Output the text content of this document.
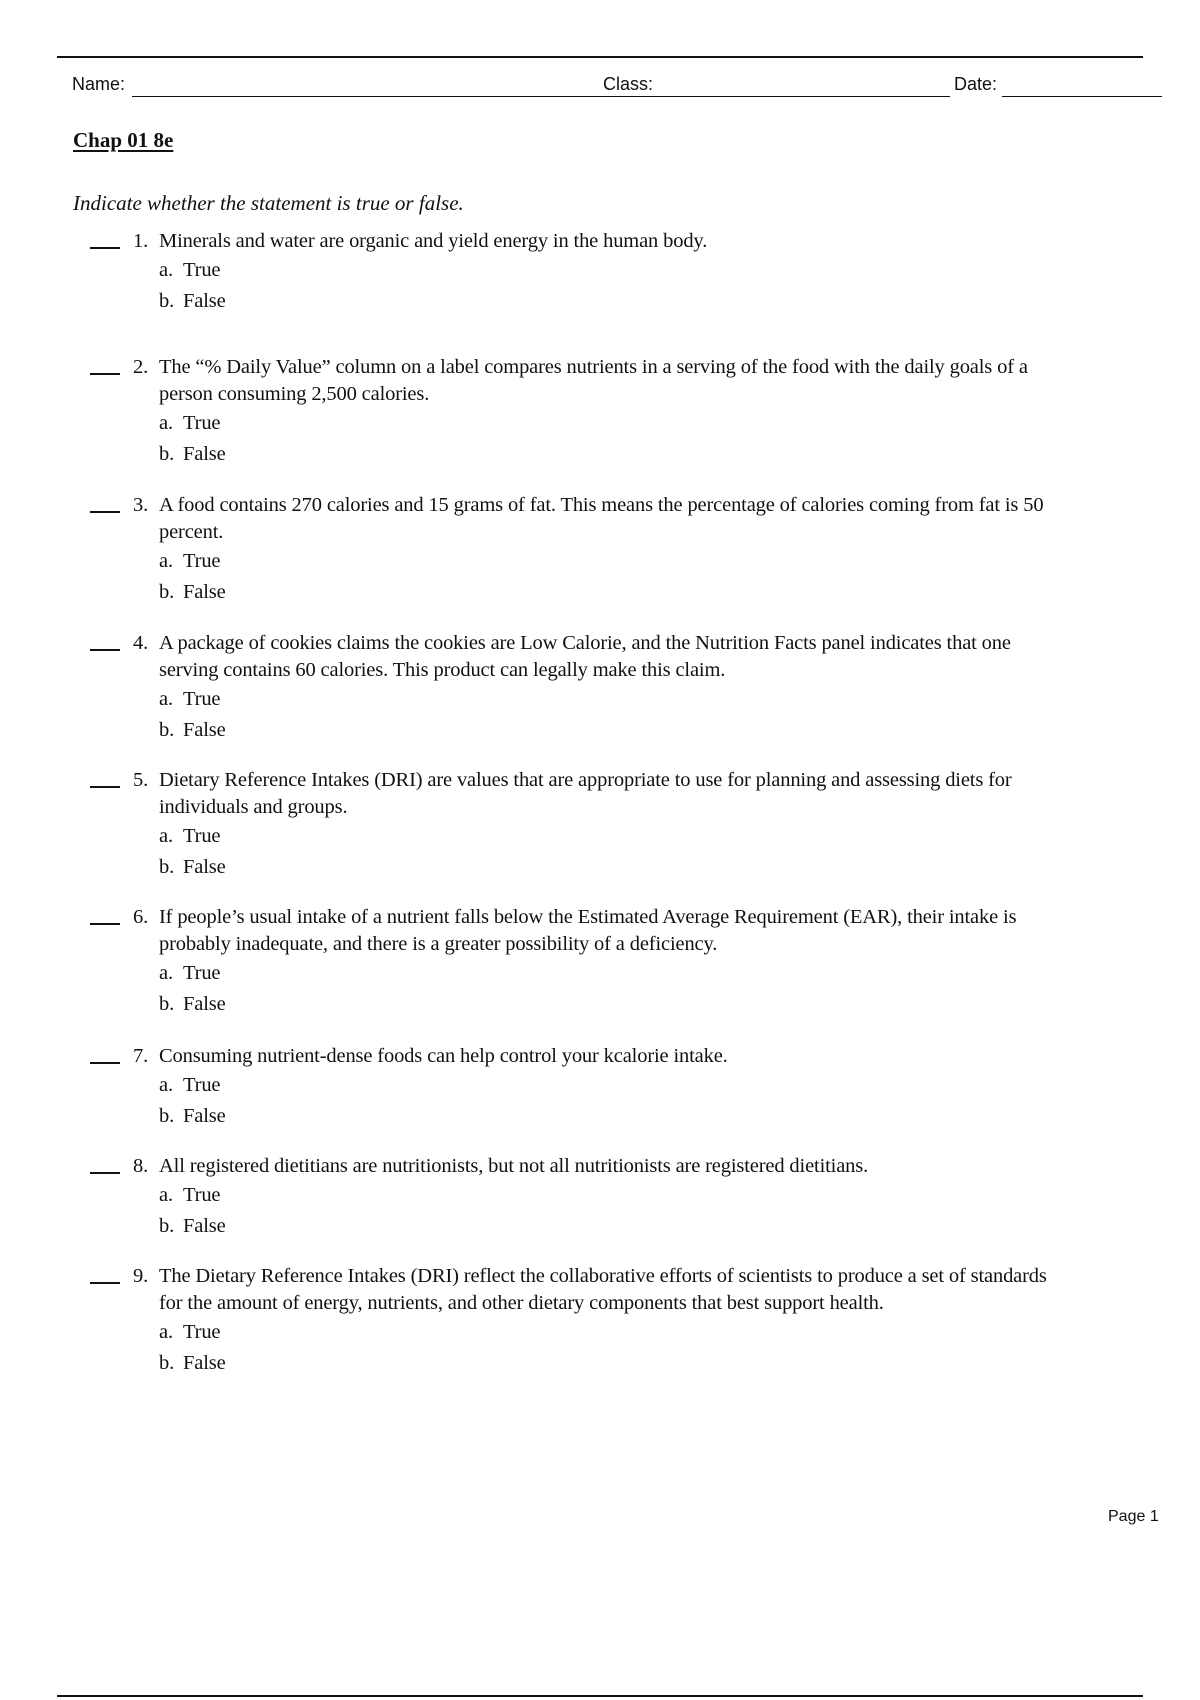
Name:	Class:	Date:
Chap 01 8e
Indicate whether the statement is true or false.
1. Minerals and water are organic and yield energy in the human body.
a. True
b. False
2. The “% Daily Value” column on a label compares nutrients in a serving of the food with the daily goals of a
person consuming 2,500 calories.
a. True
b. False
3. A food contains 270 calories and 15 grams of fat. This means the percentage of calories coming from fat is 50
percent.
a. True
b. False
4. A package of cookies claims the cookies are Low Calorie, and the Nutrition Facts panel indicates that one
serving contains 60 calories. This product can legally make this claim.
a. True
b. False
5. Dietary Reference Intakes (DRI) are values that are appropriate to use for planning and assessing diets for
individuals and groups.
a. True
b. False
6. If people’s usual intake of a nutrient falls below the Estimated Average Requirement (EAR), their intake is
probably inadequate, and there is a greater possibility of a deficiency.
a. True
b. False
7. Consuming nutrient-dense foods can help control your kcalorie intake.
a. True
b. False
8. All registered dietitians are nutritionists, but not all nutritionists are registered dietitians.
a. True
b. False
9. The Dietary Reference Intakes (DRI) reflect the collaborative efforts of scientists to produce a set of standards
for the amount of energy, nutrients, and other dietary components that best support health.
a. True
b. False
Page 1
